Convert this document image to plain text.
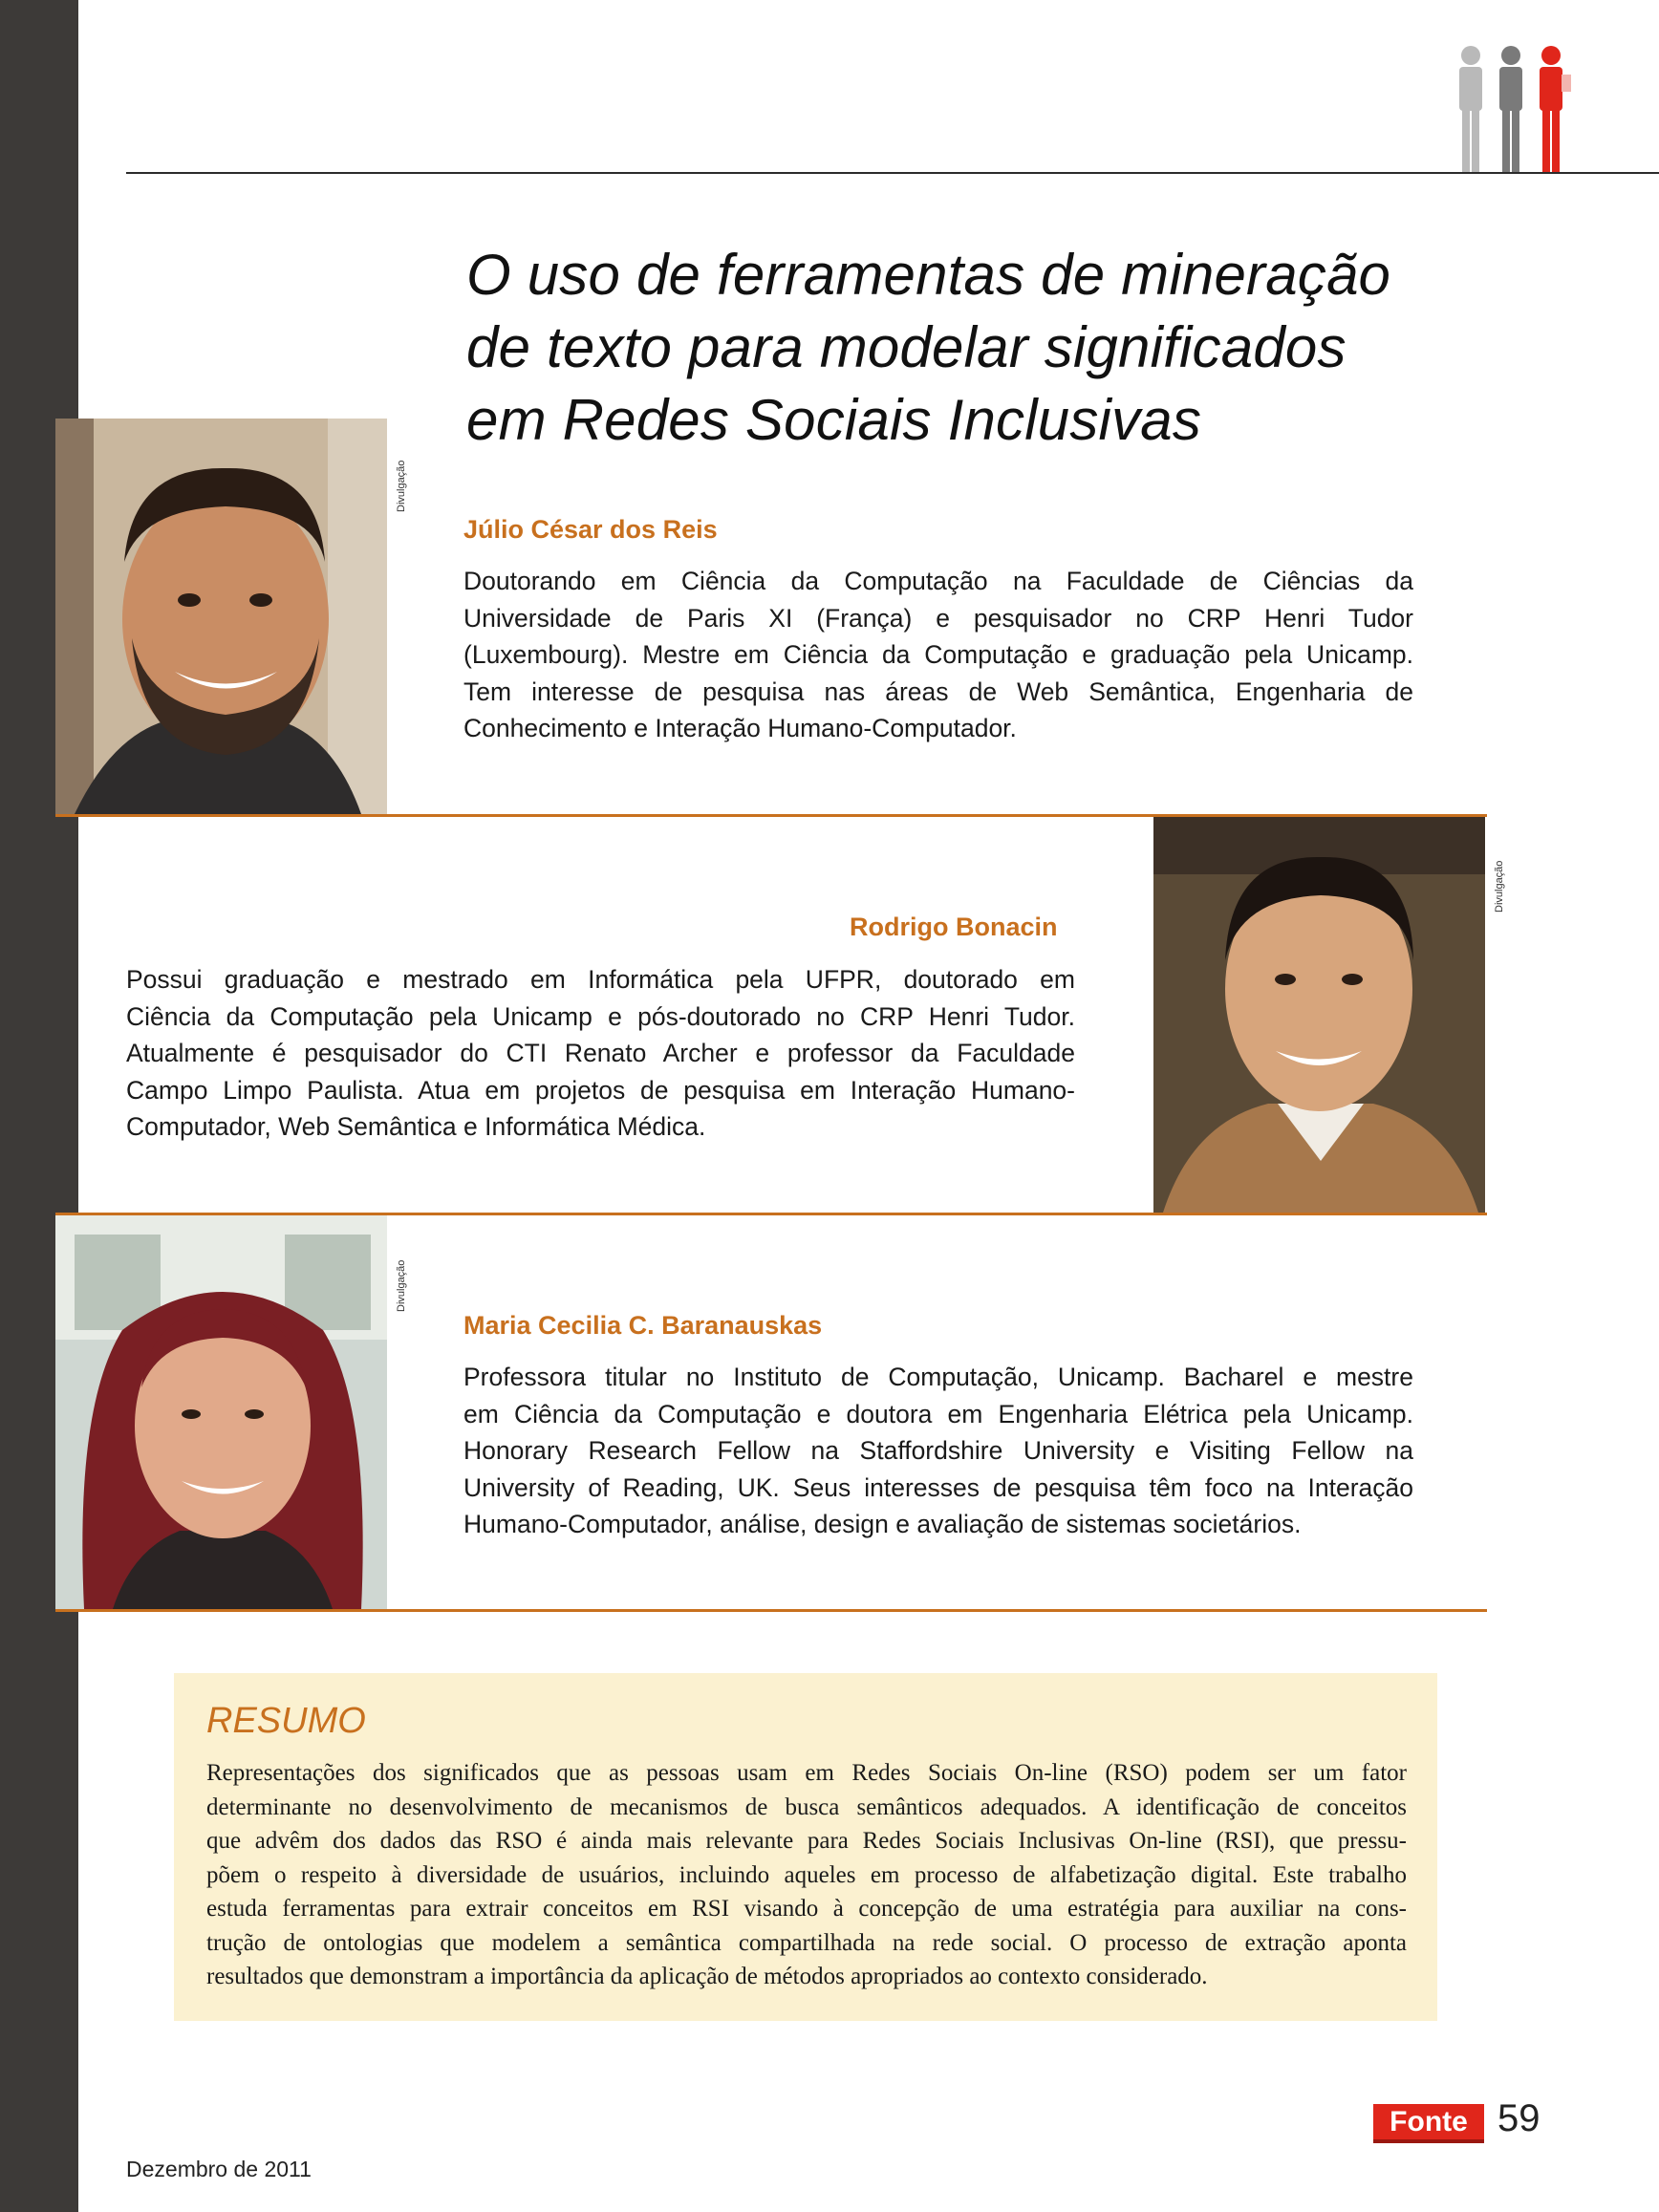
O uso de ferramentas de mineração
de texto para modelar significados
em Redes Sociais Inclusivas
Divulgação
Júlio César dos Reis
Doutorando em Ciência da Computação na Faculdade de Ciências da
Universidade de Paris XI (França) e pesquisador no CRP Henri Tudor
(Luxembourg). Mestre em Ciência da Computação e graduação pela Unicamp.
Tem interesse de pesquisa nas áreas de Web Semântica, Engenharia de
Conhecimento e Interação Humano-Computador.
Divulgação
Rodrigo Bonacin
Possui graduação e mestrado em Informática pela UFPR, doutorado em
Ciência da Computação pela Unicamp e pós-doutorado no CRP Henri Tudor.
Atualmente é pesquisador do CTI Renato Archer e professor da Faculdade
Campo Limpo Paulista. Atua em projetos de pesquisa em Interação Humano-
Computador, Web Semântica e Informática Médica.
Divulgação
Maria Cecilia C. Baranauskas
Professora titular no Instituto de Computação, Unicamp. Bacharel e mestre
em Ciência da Computação e doutora em Engenharia Elétrica pela Unicamp.
Honorary Research Fellow na Staffordshire University e Visiting Fellow na
University of Reading, UK. Seus interesses de pesquisa têm foco na Interação
Humano-Computador, análise, design e avaliação de sistemas societários.
RESUMO
Representações dos significados que as pessoas usam em Redes Sociais On-line (RSO) podem ser um fator
determinante no desenvolvimento de mecanismos de busca semânticos adequados. A identificação de conceitos
que advêm dos dados das RSO é ainda mais relevante para Redes Sociais Inclusivas On-line (RSI), que pressu-
põem o respeito à diversidade de usuários, incluindo aqueles em processo de alfabetização digital. Este trabalho
estuda ferramentas para extrair conceitos em RSI visando à concepção de uma estratégia para auxiliar na cons-
trução de ontologias que modelem a semântica compartilhada na rede social. O processo de extração aponta
resultados que demonstram a importância da aplicação de métodos apropriados ao contexto considerado.
Dezembro de 2011
Fonte 59
